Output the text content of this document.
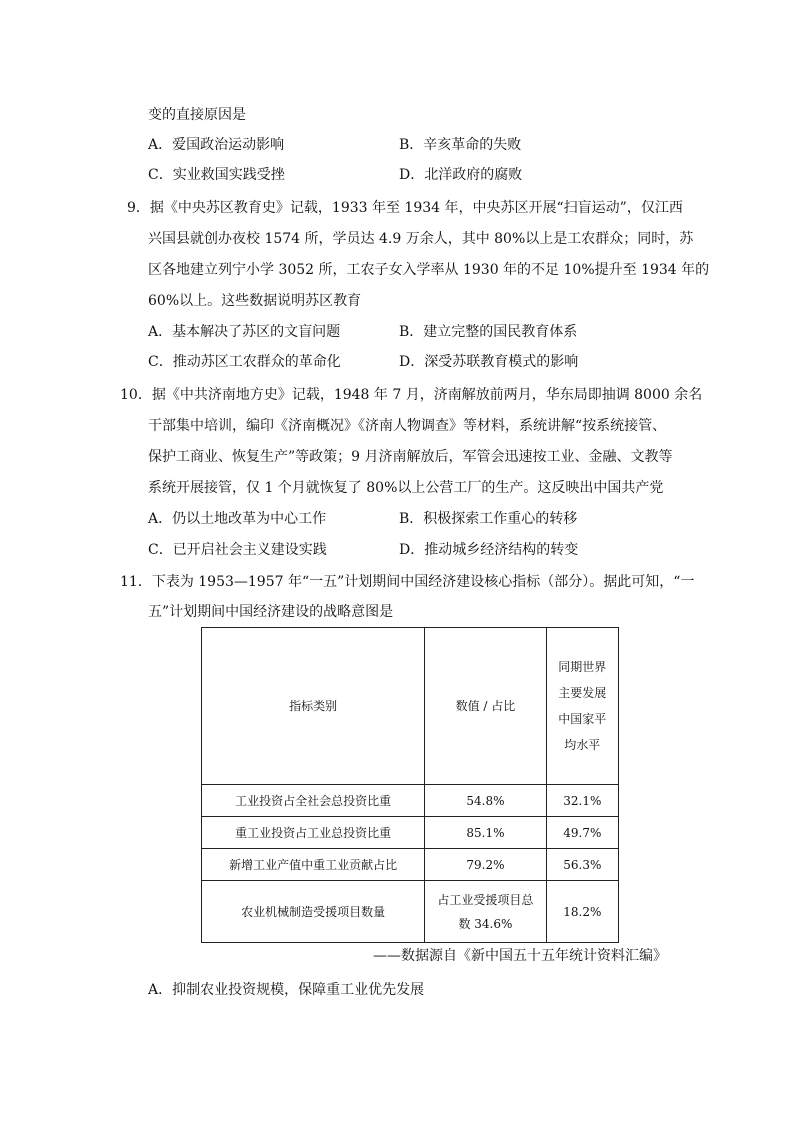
变的直接原因是
A．爱国政治运动影响	B．辛亥革命的失败
C．实业救国实践受挫	D．北洋政府的腐败
9．据《中央苏区教育史》记载，1933 年至 1934 年，中央苏区开展“扫盲运动”，仅江西
兴国县就创办夜校 1574 所，学员达 4.9 万余人，其中 80%以上是工农群众；同时，苏
区各地建立列宁小学 3052 所，工农子女入学率从 1930 年的不足 10%提升至 1934 年的
60%以上。这些数据说明苏区教育
A．基本解决了苏区的文盲问题	B．建立完整的国民教育体系
C．推动苏区工农群众的革命化	D．深受苏联教育模式的影响
10．据《中共济南地方史》记载，1948 年 7 月，济南解放前两月，华东局即抽调 8000 余名
干部集中培训，编印《济南概况》《济南人物调查》等材料，系统讲解“按系统接管、
保护工商业、恢复生产”等政策；9 月济南解放后，军管会迅速按工业、金融、文教等
系统开展接管，仅 1 个月就恢复了 80%以上公营工厂的生产。这反映出中国共产党
A．仍以土地改革为中心工作	B．积极探索工作重心的转移
C．已开启社会主义建设实践	D．推动城乡经济结构的转变
11．下表为 1953—1957 年“一五”计划期间中国经济建设核心指标（部分）。据此可知，“一
五”计划期间中国经济建设的战略意图是
指标类别	数值 / 占比	同期世界主要发展中国家平均水平
工业投资占全社会总投资比重	54.8%	32.1%
重工业投资占工业总投资比重	85.1%	49.7%
新增工业产值中重工业贡献占比	79.2%	56.3%
农业机械制造受援项目数量	占工业受援项目总数 34.6%	18.2%
——数据源自《新中国五十五年统计资料汇编》
A．抑制农业投资规模，保障重工业优先发展
